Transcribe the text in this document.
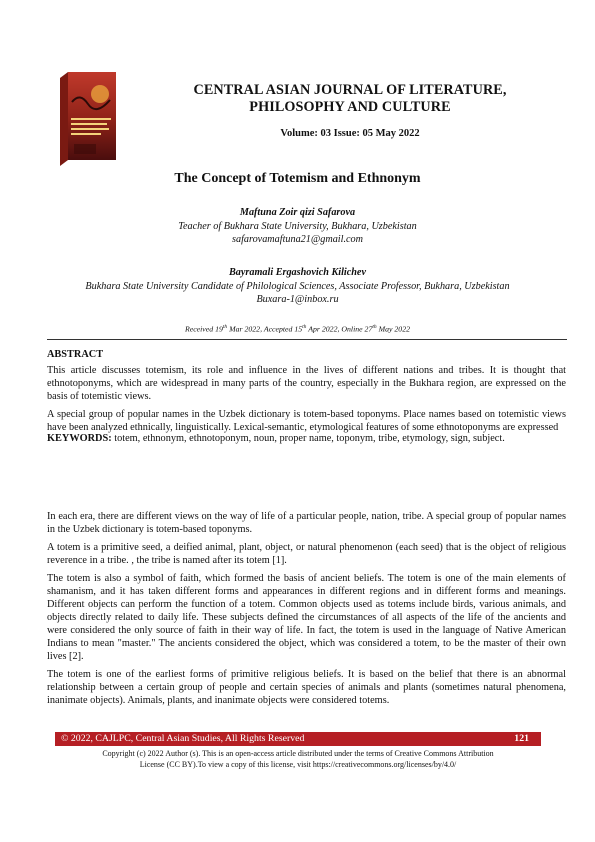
CENTRAL ASIAN JOURNAL OF LITERATURE,
PHILOSOPHY AND CULTURE
Volume: 03 Issue: 05 May 2022
The Concept of Totemism and Ethnonym
Maftuna Zoir qizi Safarova
Teacher of Bukhara State University, Bukhara, Uzbekistan
safarovamaftuna21@gmail.com
Bayramali Ergashovich Kilichev
Bukhara State University Candidate of Philological Sciences, Associate Professor, Bukhara, Uzbekistan
Buxara-1@inbox.ru
Received 19th Mar 2022, Accepted 15th Apr 2022, Online 27th May 2022
ABSTRACT

This article discusses totemism, its role and influence in the lives of different nations and tribes. It is thought that ethnotoponyms, which are widespread in many parts of the country, especially in the Bukhara region, are expressed on the basis of totemistic views.

A special group of popular names in the Uzbek dictionary is totem-based toponyms. Place names based on totemistic views have been analyzed ethnically, linguistically. Lexical-semantic, etymological features of some ethnotoponyms are expressed

KEYWORDS: totem, ethnonym, ethnotoponym, noun, proper name, toponym, tribe, etymology, sign, subject.

In each era, there are different views on the way of life of a particular people, nation, tribe. A special group of popular names in the Uzbek dictionary is totem-based toponyms.

A totem is a primitive seed, a deified animal, plant, object, or natural phenomenon (each seed) that is the object of religious reverence in a tribe. , the tribe is named after its totem [1].

The totem is also a symbol of faith, which formed the basis of ancient beliefs. The totem is one of the main elements of shamanism, and it has taken different forms and appearances in different regions and in different forms and meanings. Different objects can perform the function of a totem. Common objects used as totems include birds, various animals, and objects directly related to daily life. These subjects defined the circumstances of all aspects of the life of the ancients and were considered the only source of faith in their way of life. In fact, the totem is used in the language of Native American Indians to mean "master." The ancients considered the object, which was considered a totem, to be the master of their own lives [2].

The totem is one of the earliest forms of primitive religious beliefs. It is based on the belief that there is an abnormal relationship between a certain group of people and certain species of animals and plants (sometimes natural phenomena, inanimate objects). Animals, plants, and inanimate objects were considered totems.

© 2022, CAJLPC, Central Asian Studies, All Rights Reserved	121
Copyright (c) 2022 Author (s). This is an open-access article distributed under the terms of Creative Commons Attribution
License (CC BY).To view a copy of this license, visit https://creativecommons.org/licenses/by/4.0/
